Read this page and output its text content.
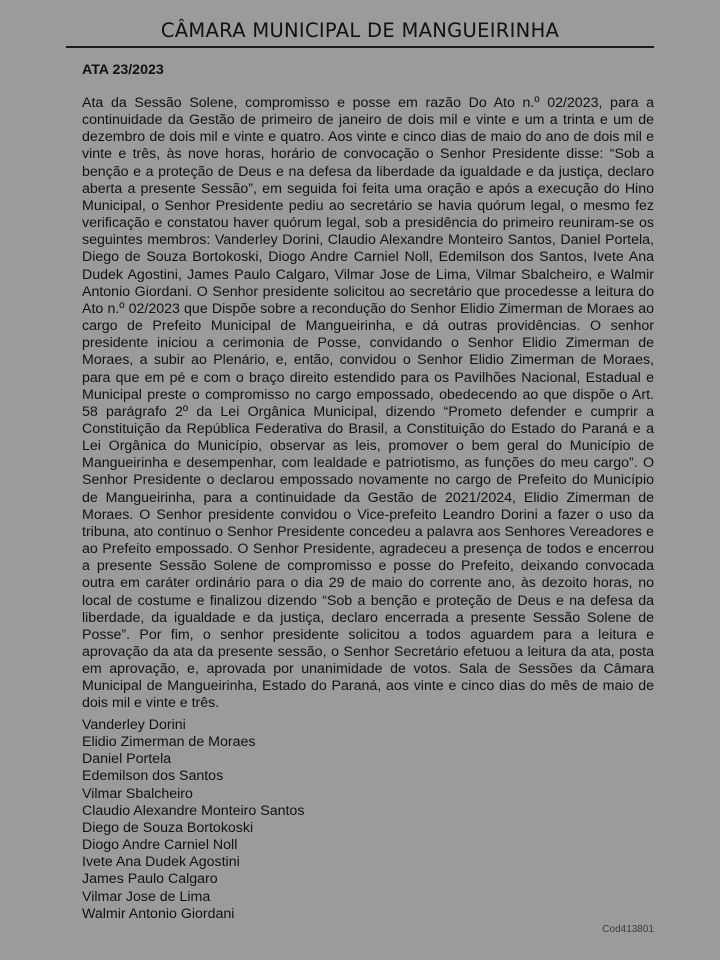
CÂMARA MUNICIPAL DE MANGUEIRINHA
ATA 23/2023

Ata da Sessão Solene, compromisso e posse em razão Do Ato n.º 02/2023, para a continuidade da Gestão de primeiro de janeiro de dois mil e vinte e um a trinta e um de dezembro de dois mil e vinte e quatro. Aos vinte e cinco dias de maio do ano de dois mil e vinte e três, às nove horas, horário de convocação o Senhor Presidente disse: “Sob a benção e a proteção de Deus e na defesa da liberdade da igualdade e da justiça, declaro aberta a presente Sessão”, em seguida foi feita uma oração e após a execução do Hino Municipal, o Senhor Presidente pediu ao secretário se havia quórum legal, o mesmo fez verificação e constatou haver quórum legal, sob a presidência do primeiro reuniram-se os seguintes membros: Vanderley Dorini, Claudio Alexandre Monteiro Santos, Daniel Portela, Diego de Souza Bortokoski, Diogo Andre Carniel Noll, Edemilson dos Santos, Ivete Ana Dudek Agostini, James Paulo Calgaro, Vilmar Jose de Lima, Vilmar Sbalcheiro, e Walmir Antonio Giordani. O Senhor presidente solicitou ao secretário que procedesse a leitura do Ato n.º 02/2023 que Dispõe sobre a recondução do Senhor Elidio Zimerman de Moraes ao cargo de Prefeito Municipal de Mangueirinha, e dá outras providências. O senhor presidente iniciou a cerimonia de Posse, convidando o Senhor Elidio Zimerman de Moraes, a subir ao Plenário, e, então, convidou o Senhor Elidio Zimerman de Moraes, para que em pé e com o braço direito estendido para os Pavilhões Nacional, Estadual e Municipal preste o compromisso no cargo empossado, obedecendo ao que dispõe o Art. 58 parágrafo 2º da Lei Orgânica Municipal, dizendo “Prometo defender e cumprir a Constituição da República Federativa do Brasil, a Constituição do Estado do Paraná e a Lei Orgânica do Município, observar as leis, promover o bem geral do Município de Mangueirinha e desempenhar, com lealdade e patriotismo, as funções do meu cargo”. O Senhor Presidente o declarou empossado novamente no cargo de Prefeito do Município de Mangueirinha, para a continuidade da Gestão de 2021/2024, Elidio Zimerman de Moraes. O Senhor presidente convidou o Vice-prefeito Leandro Dorini a fazer o uso da tribuna, ato continuo o Senhor Presidente concedeu a palavra aos Senhores Vereadores e ao Prefeito empossado. O Senhor Presidente, agradeceu a presença de todos e encerrou a presente Sessão Solene de compromisso e posse do Prefeito, deixando convocada outra em caráter ordinário para o dia 29 de maio do corrente ano, às dezoito horas, no local de costume e finalizou dizendo “Sob a benção e proteção de Deus e na defesa da liberdade, da igualdade e da justiça, declaro encerrada a presente Sessão Solene de Posse”. Por fim, o senhor presidente solicitou a todos aguardem para a leitura e aprovação da ata da presente sessão, o Senhor Secretário efetuou a leitura da ata, posta em aprovação, e, aprovada por unanimidade de votos. Sala de Sessões da Câmara Municipal de Mangueirinha, Estado do Paraná, aos vinte e cinco dias do mês de maio de dois mil e vinte e três.

Vanderley Dorini
Elidio Zimerman de Moraes
Daniel Portela
Edemilson dos Santos
Vilmar Sbalcheiro
Claudio Alexandre Monteiro Santos
Diego de Souza Bortokoski
Diogo Andre Carniel Noll
Ivete Ana Dudek Agostini
James Paulo Calgaro
Vilmar Jose de Lima
Walmir Antonio Giordani
Cod413801
